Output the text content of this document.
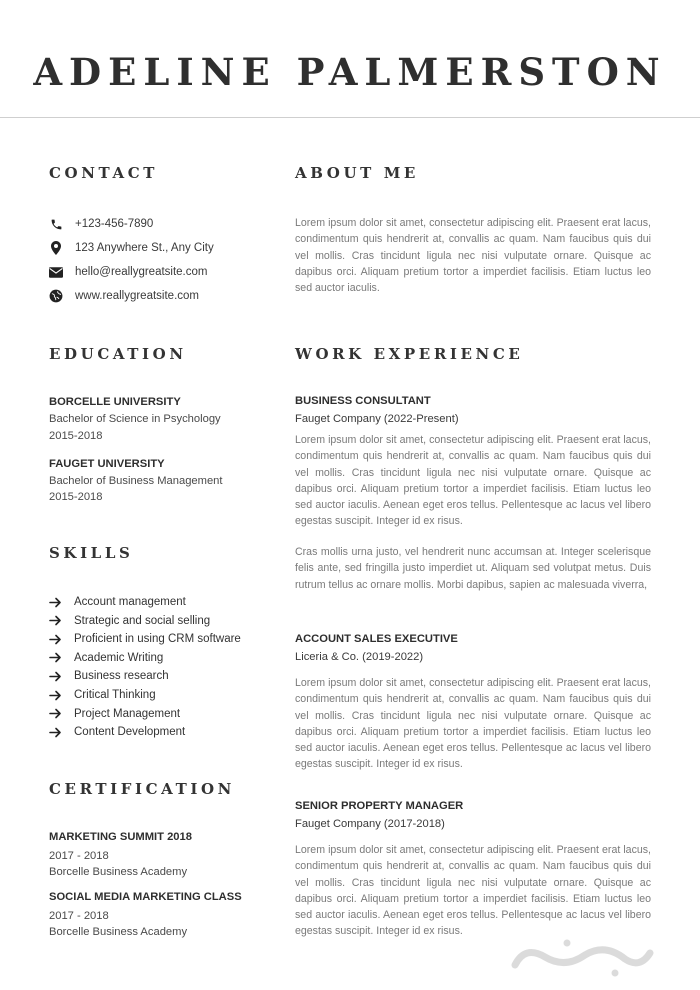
ADELINE PALMERSTON
CONTACT
+123-456-7890
123 Anywhere St., Any City
hello@reallygreatsite.com
www.reallygreatsite.com
EDUCATION
BORCELLE UNIVERSITY
Bachelor of Science in Psychology
2015-2018
FAUGET UNIVERSITY
Bachelor of Business Management
2015-2018
SKILLS
Account management
Strategic and social selling
Proficient in using CRM software
Academic Writing
Business research
Critical Thinking
Project Management
Content Development
CERTIFICATION
MARKETING SUMMIT 2018
2017 - 2018
Borcelle Business Academy
SOCIAL MEDIA MARKETING CLASS
2017 - 2018
Borcelle Business Academy
ABOUT ME
Lorem ipsum dolor sit amet, consectetur adipiscing elit. Praesent erat lacus, condimentum quis hendrerit at, convallis ac quam. Nam faucibus quis dui vel mollis. Cras tincidunt ligula nec nisi vulputate ornare. Quisque ac dapibus orci. Aliquam pretium tortor a imperdiet facilisis. Etiam luctus leo sed auctor iaculis.
WORK EXPERIENCE
BUSINESS CONSULTANT
Fauget Company (2022-Present)
Lorem ipsum dolor sit amet, consectetur adipiscing elit. Praesent erat lacus, condimentum quis hendrerit at, convallis ac quam. Nam faucibus quis dui vel mollis. Cras tincidunt ligula nec nisi vulputate ornare. Quisque ac dapibus orci. Aliquam pretium tortor a imperdiet facilisis. Etiam luctus leo sed auctor iaculis. Aenean eget eros tellus. Pellentesque ac lacus vel libero egestas suscipit. Integer id ex risus.
Cras mollis urna justo, vel hendrerit nunc accumsan at. Integer scelerisque felis ante, sed fringilla justo imperdiet ut. Aliquam sed volutpat metus. Duis rutrum tellus ac ornare mollis. Morbi dapibus, sapien ac malesuada viverra,
ACCOUNT SALES EXECUTIVE
Liceria & Co. (2019-2022)
Lorem ipsum dolor sit amet, consectetur adipiscing elit. Praesent erat lacus, condimentum quis hendrerit at, convallis ac quam. Nam faucibus quis dui vel mollis. Cras tincidunt ligula nec nisi vulputate ornare. Quisque ac dapibus orci. Aliquam pretium tortor a imperdiet facilisis. Etiam luctus leo sed auctor iaculis. Aenean eget eros tellus. Pellentesque ac lacus vel libero egestas suscipit. Integer id ex risus.
SENIOR PROPERTY MANAGER
Fauget Company (2017-2018)
Lorem ipsum dolor sit amet, consectetur adipiscing elit. Praesent erat lacus, condimentum quis hendrerit at, convallis ac quam. Nam faucibus quis dui vel mollis. Cras tincidunt ligula nec nisi vulputate ornare. Quisque ac dapibus orci. Aliquam pretium tortor a imperdiet facilisis. Etiam luctus leo sed auctor iaculis. Aenean eget eros tellus. Pellentesque ac lacus vel libero egestas suscipit. Integer id ex risus.
